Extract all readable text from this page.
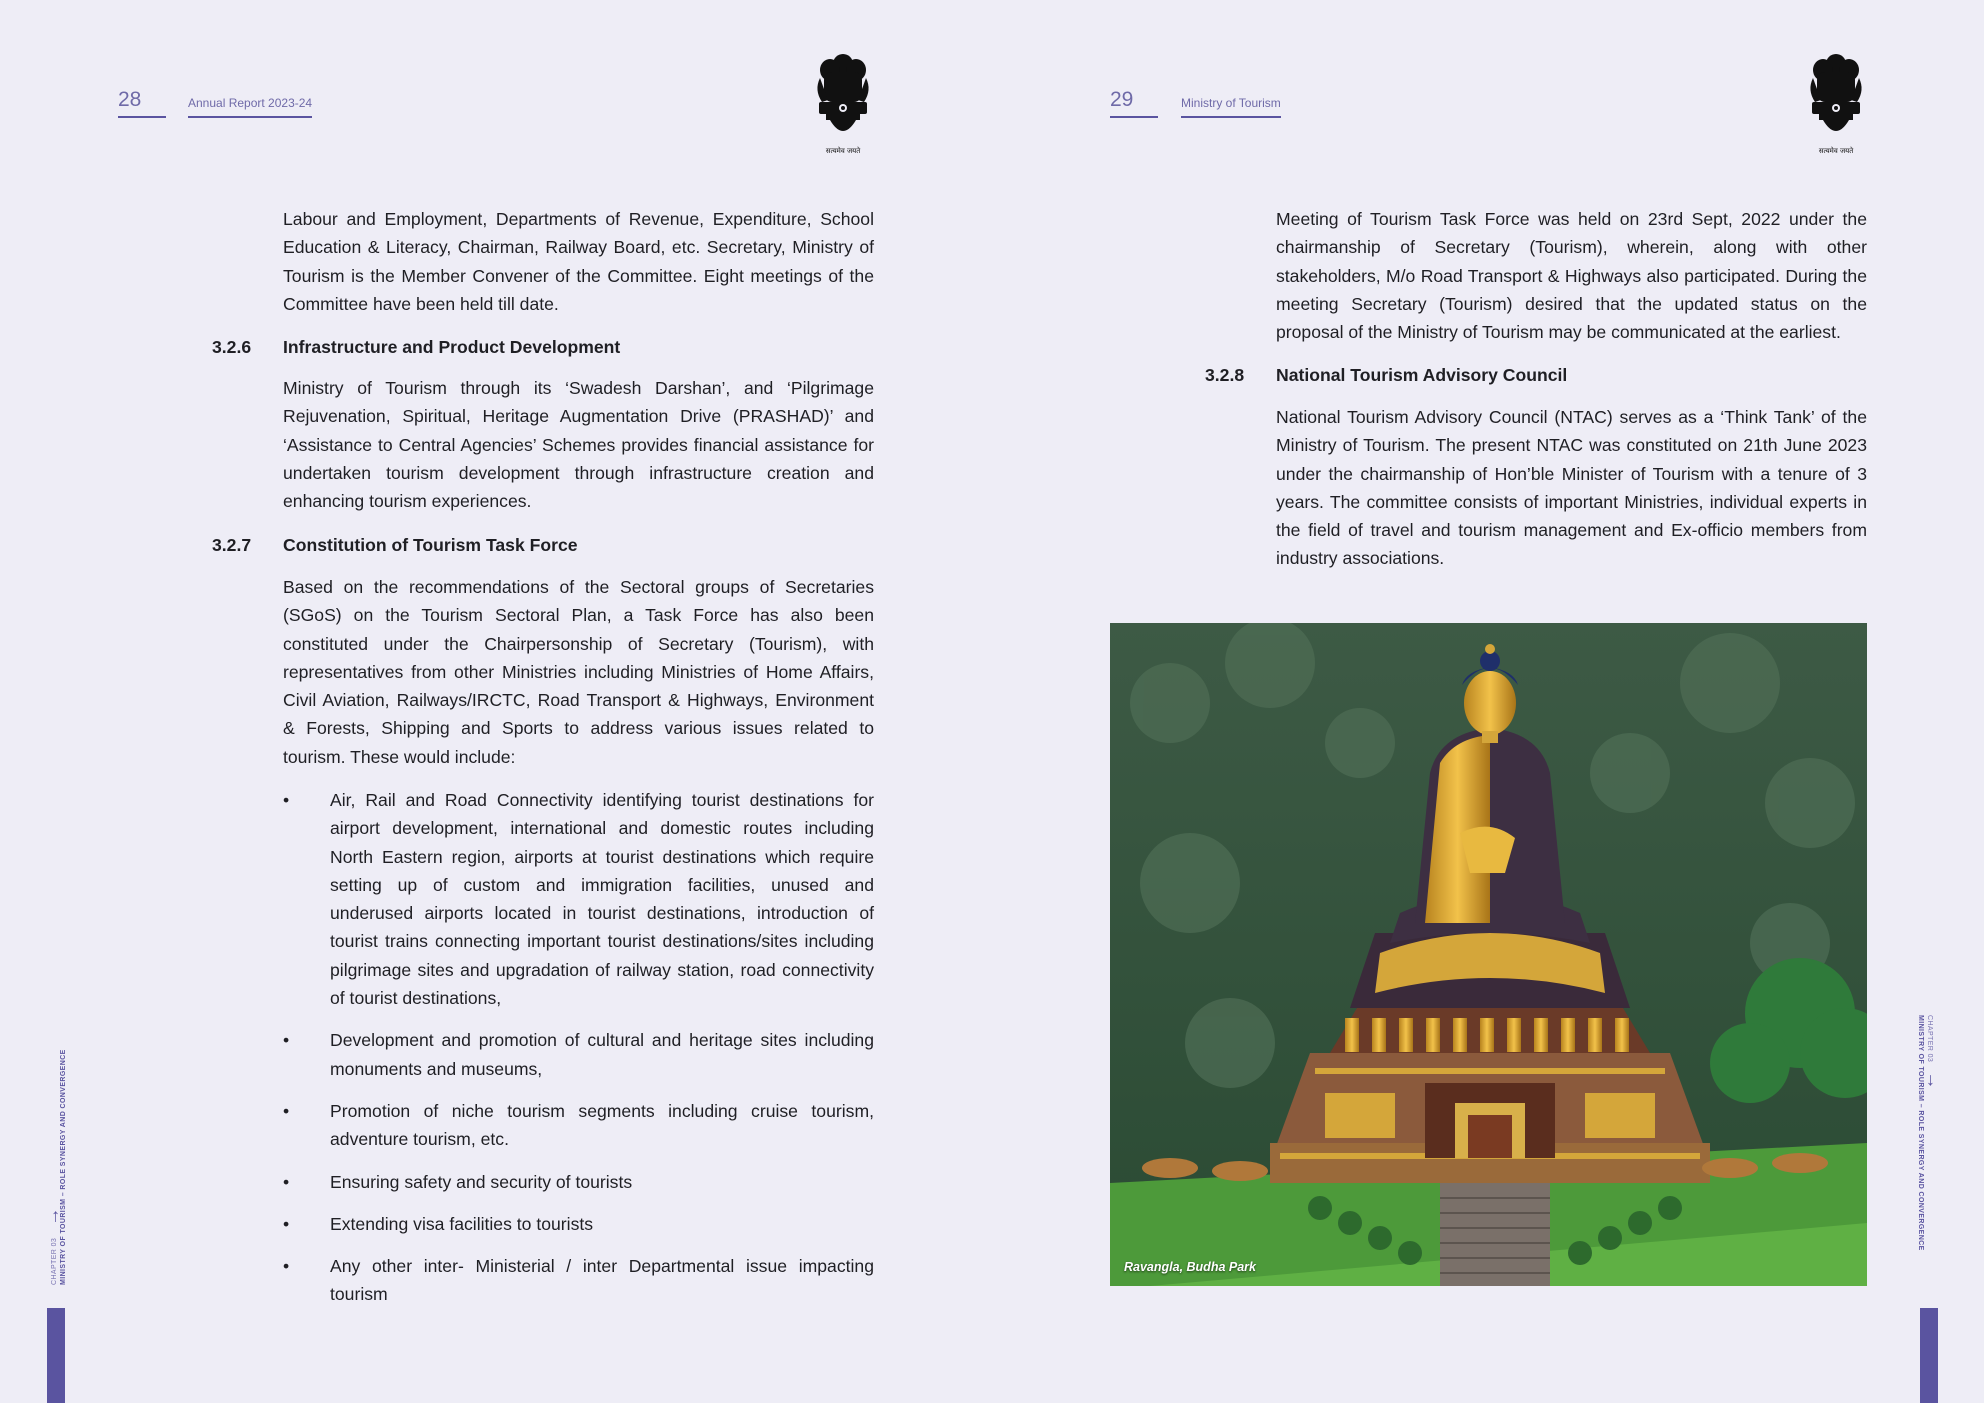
28	Annual Report 2023-24
सत्यमेव जयते

Labour and Employment, Departments of Revenue, Expenditure, School Education & Literacy, Chairman, Railway Board, etc. Secretary, Ministry of Tourism is the Member Convener of the Committee. Eight meetings of the Committee have been held till date.

3.2.6 Infrastructure and Product Development

Ministry of Tourism through its ‘Swadesh Darshan’, and ‘Pilgrimage Rejuvenation, Spiritual, Heritage Augmentation Drive (PRASHAD)’ and ‘Assistance to Central Agencies’ Schemes provides financial assistance for undertaken tourism development through infrastructure creation and enhancing tourism experiences.

3.2.7 Constitution of Tourism Task Force

Based on the recommendations of the Sectoral groups of Secretaries (SGoS) on the Tourism Sectoral Plan, a Task Force has also been constituted under the Chairpersonship of Secretary (Tourism), with representatives from other Ministries including Ministries of Home Affairs, Civil Aviation, Railways/IRCTC, Road Transport & Highways, Environment & Forests, Shipping and Sports to address various issues related to tourism. These would include:

• Air, Rail and Road Connectivity identifying tourist destinations for airport development, international and domestic routes including North Eastern region, airports at tourist destinations which require setting up of custom and immigration facilities, unused and underused airports located in tourist destinations, introduction of tourist trains connecting important tourist destinations/sites including pilgrimage sites and upgradation of railway station, road connectivity of tourist destinations,
• Development and promotion of cultural and heritage sites including monuments and museums,
• Promotion of niche tourism segments including cruise tourism, adventure tourism, etc.
• Ensuring safety and security of tourists
• Extending visa facilities to tourists
• Any other inter- Ministerial / inter Departmental issue impacting tourism
CHAPTER 03 MINISTRY OF TOURISM – ROLE SYNERGY AND CONVERGENCE
→
29	Ministry of Tourism
सत्यमेव जयते

Meeting of Tourism Task Force was held on 23rd Sept, 2022 under the chairmanship of Secretary (Tourism), wherein, along with other stakeholders, M/o Road Transport & Highways also participated. During the meeting Secretary (Tourism) desired that the updated status on the proposal of the Ministry of Tourism may be communicated at the earliest.

3.2.8 National Tourism Advisory Council

National Tourism Advisory Council (NTAC) serves as a ‘Think Tank’ of the Ministry of Tourism. The present NTAC was constituted on 21th June 2023 under the chairmanship of Hon’ble Minister of Tourism with a tenure of 3 years. The committee consists of important Ministries, individual experts in the field of travel and tourism management and Ex-officio members from industry associations.

Ravangla, Budha Park
CHAPTER 03
MINISTRY OF TOURISM – ROLE SYNERGY AND CONVERGENCE →
